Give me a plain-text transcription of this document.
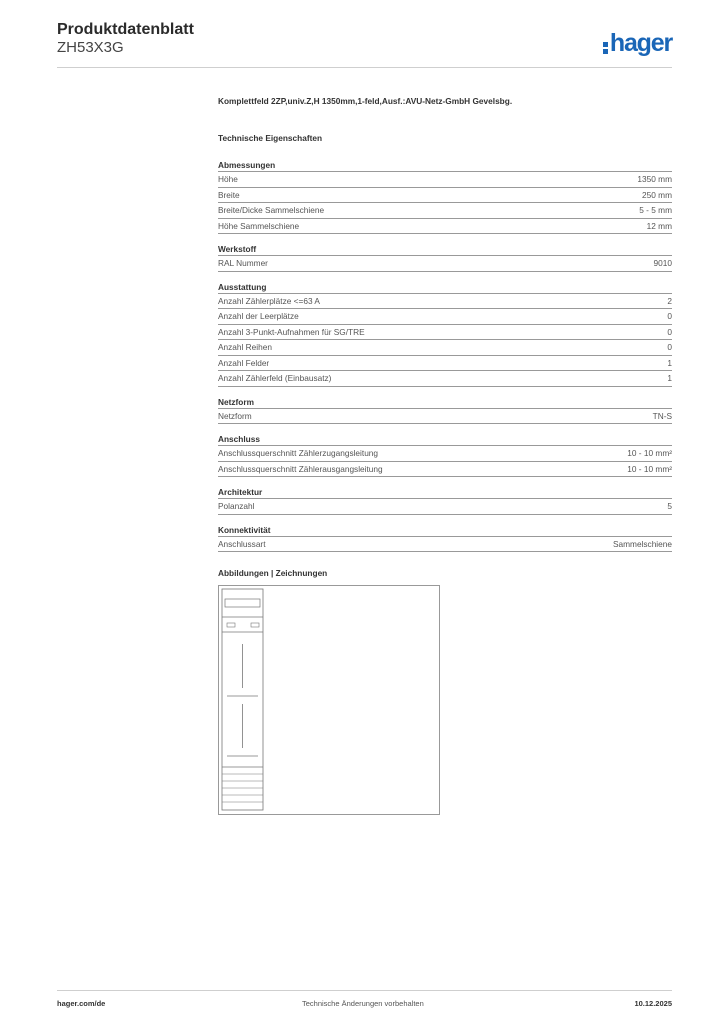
Produktdatenblatt
ZH53X3G	hager
Komplettfeld 2ZP,univ.Z,H 1350mm,1-feld,Ausf.:AVU-Netz-GmbH Gevelsbg.
Technische Eigenschaften
Abmessungen
Höhe	1350 mm
Breite	250 mm
Breite/Dicke Sammelschiene	5 - 5 mm
Höhe Sammelschiene	12 mm
Werkstoff
RAL Nummer	9010
Ausstattung
Anzahl Zählerplätze <=63 A	2
Anzahl der Leerplätze	0
Anzahl 3-Punkt-Aufnahmen für SG/TRE	0
Anzahl Reihen	0
Anzahl Felder	1
Anzahl Zählerfeld (Einbausatz)	1
Netzform
Netzform	TN-S
Anschluss
Anschlussquerschnitt Zählerzugangsleitung	10 - 10 mm²
Anschlussquerschnitt Zählerausgangsleitung	10 - 10 mm²
Architektur
Polanzahl	5
Konnektivität
Anschlussart	Sammelschiene
Abbildungen | Zeichnungen
hager.com/de	Technische Änderungen vorbehalten	10.12.2025
